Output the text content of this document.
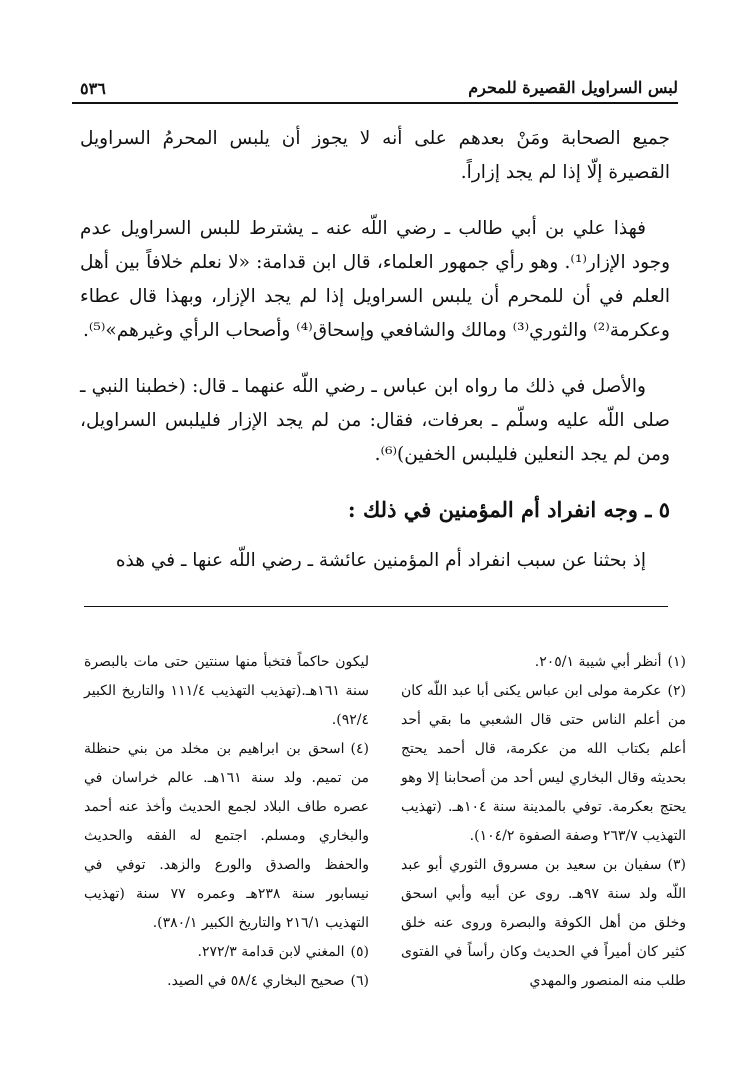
لبس السراويل القصيرة للمحرم
٥٣٦

جميع الصحابة ومَنْ بعدهم على أنه لا يجوز أن يلبس المحرمُ السراويل القصيرة إلّا إذا لم يجد إزاراً.

فهذا علي بن أبي طالب ـ رضي اللّه عنه ـ يشترط للبس السراويل عدم وجود الإزار⁽¹⁾. وهو رأي جمهور العلماء، قال ابن قدامة: «لا نعلم خلافاً بين أهل العلم في أن للمحرم أن يلبس السراويل إذا لم يجد الإزار، وبهذا قال عطاء وعكرمة⁽²⁾ والثوري⁽³⁾ ومالك والشافعي وإسحاق⁽⁴⁾ وأصحاب الرأي وغيرهم»⁽⁵⁾.

والأصل في ذلك ما رواه ابن عباس ـ رضي اللّه عنهما ـ قال: (خطبنا النبي ـ صلى اللّه عليه وسلّم ـ بعرفات، فقال: من لم يجد الإزار فليلبس السراويل، ومن لم يجد النعلين فليلبس الخفين)⁽⁶⁾.

٥ ـ وجه انفراد أم المؤمنين في ذلك :

إذ بحثنا عن سبب انفراد أم المؤمنين عائشة ـ رضي اللّه عنها ـ في هذه

(١)أنظر أبي شيبة ٢٠٥/١.

(٢)عكرمة مولى ابن عباس يكنى أبا عبد اللّه كان من أعلم الناس حتى قال الشعبي ما بقي أحد أعلم بكتاب الله من عكرمة، قال أحمد يحتج بحديثه وقال البخاري ليس أحد من أصحابنا إلا وهو يحتج بعكرمة. توفي بالمدينة سنة ١٠٤هـ. (تهذيب التهذيب ٢٦٣/٧ وصفة الصفوة ١٠٤/٢).

(٣)سفيان بن سعيد بن مسروق الثوري أبو عبد اللّه ولد سنة ٩٧هـ. روى عن أبيه وأبي اسحق وخلق من أهل الكوفة والبصرة وروى عنه خلق كثير كان أميراً في الحديث وكان رأساً في الفتوى طلب منه المنصور والمهدي

ليكون حاكماً فتخبأ منها سنتين حتى مات بالبصرة سنة ١٦١هـ.(تهذيب التهذيب ١١١/٤ والتاريخ الكبير ٩٢/٤).

(٤)اسحق بن ابراهيم بن مخلد من بني حنظلة من تميم. ولد سنة ١٦١هـ. عالم خراسان في عصره طاف البلاد لجمع الحديث وأخذ عنه أحمد والبخاري ومسلم. اجتمع له الفقه والحديث والحفظ والصدق والورع والزهد. توفي في نيسابور سنة ٢٣٨هـ وعمره ٧٧ سنة (تهذيب التهذيب ٢١٦/١ والتاريخ الكبير ٣٨٠/١).

(٥)المغني لابن قدامة ٢٧٢/٣.

(٦)صحيح البخاري ٥٨/٤ في الصيد.
